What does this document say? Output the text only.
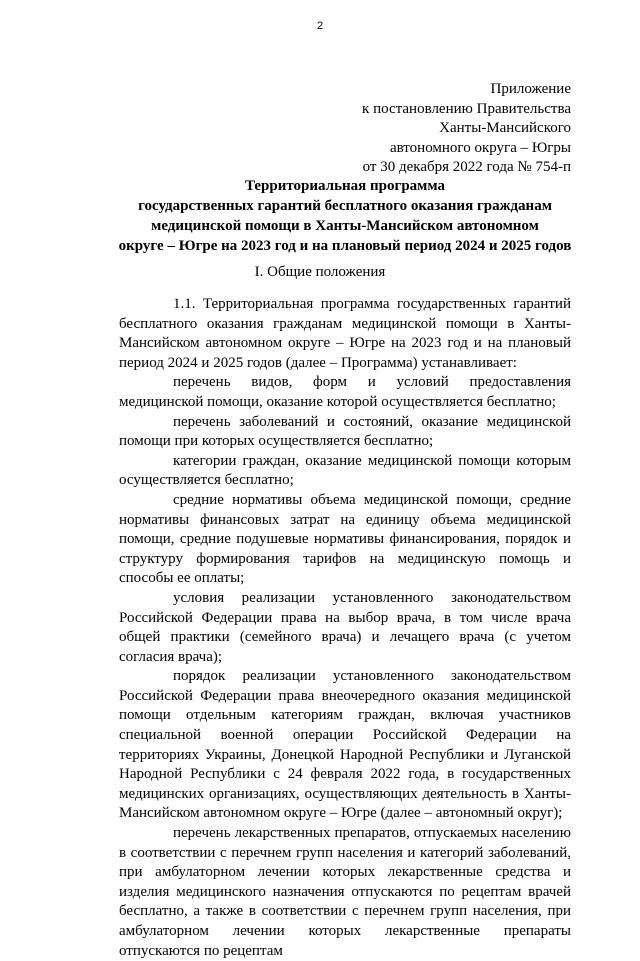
2
Приложение
к постановлению Правительства
Ханты-Мансийского
автономного округа – Югры
от 30 декабря 2022 года № 754-п
Территориальная программа
государственных гарантий бесплатного оказания гражданам
медицинской помощи в Ханты-Мансийском автономном
округе – Югре на 2023 год и на плановый период 2024 и 2025 годов
I. Общие положения

1.1. Территориальная программа государственных гарантий бесплатного оказания гражданам медицинской помощи в Ханты-Мансийском автономном округе – Югре на 2023 год и на плановый период 2024 и 2025 годов (далее – Программа) устанавливает:

перечень видов, форм и условий предоставления медицинской помощи, оказание которой осуществляется бесплатно;

перечень заболеваний и состояний, оказание медицинской помощи при которых осуществляется бесплатно;

категории граждан, оказание медицинской помощи которым осуществляется бесплатно;

средние нормативы объема медицинской помощи, средние нормативы финансовых затрат на единицу объема медицинской помощи, средние подушевые нормативы финансирования, порядок и структуру формирования тарифов на медицинскую помощь и способы ее оплаты;

условия реализации установленного законодательством Российской Федерации права на выбор врача, в том числе врача общей практики (семейного врача) и лечащего врача (с учетом согласия врача);

порядок реализации установленного законодательством Российской Федерации права внеочередного оказания медицинской помощи отдельным категориям граждан, включая участников специальной военной операции Российской Федерации на территориях Украины, Донецкой Народной Республики и Луганской Народной Республики с 24 февраля 2022 года, в государственных медицинских организациях, осуществляющих деятельность в Ханты-Мансийском автономном округе – Югре (далее – автономный округ);

перечень лекарственных препаратов, отпускаемых населению в соответствии с перечнем групп населения и категорий заболеваний, при амбулаторном лечении которых лекарственные средства и изделия медицинского назначения отпускаются по рецептам врачей бесплатно, а также в соответствии с перечнем групп населения, при амбулаторном лечении которых лекарственные препараты отпускаются по рецептам
